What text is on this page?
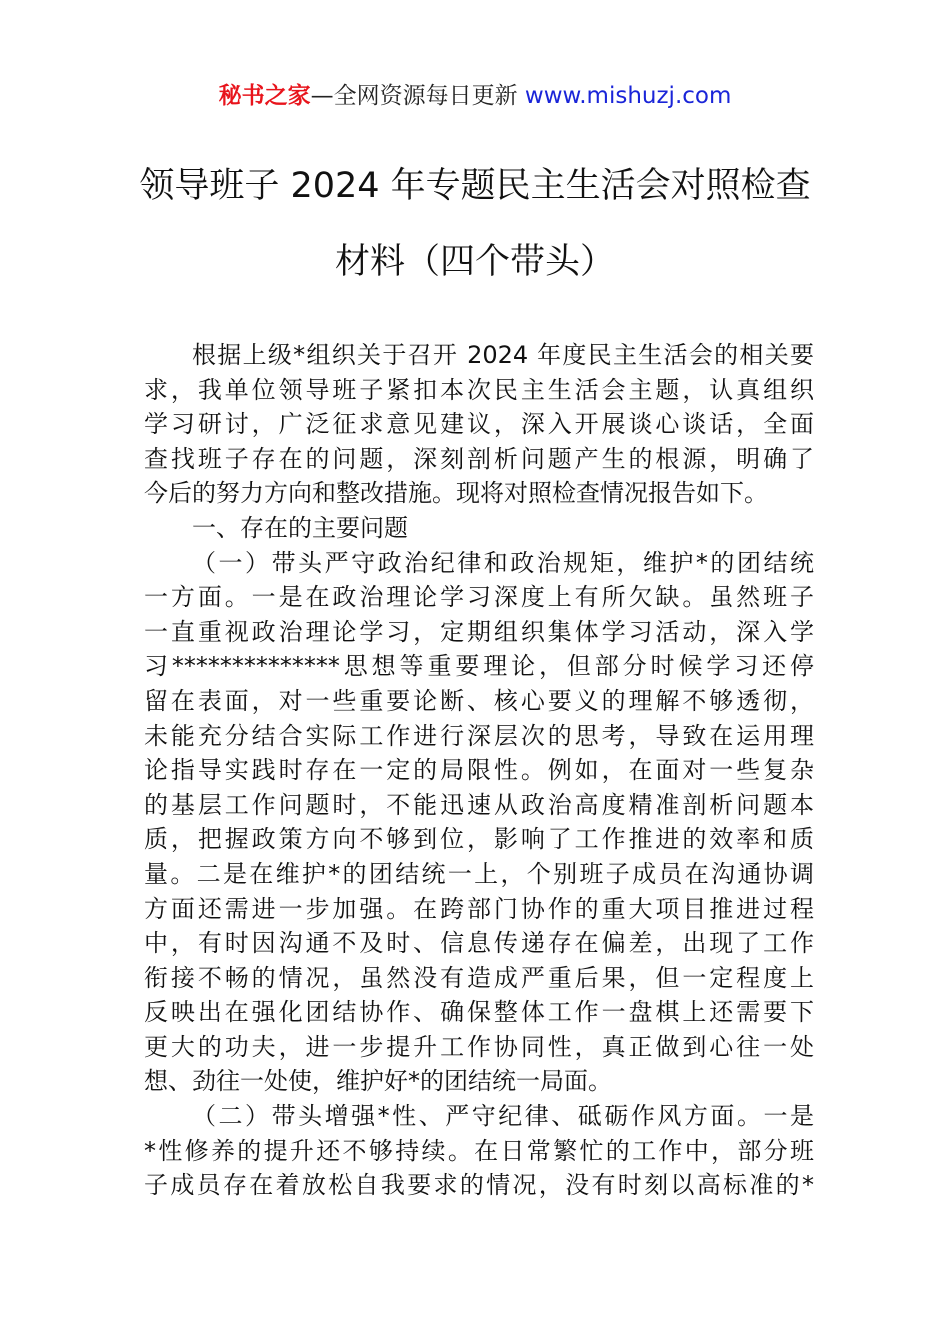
秘书之家—全网资源每日更新 www.mishuzj.com
领导班子 2024 年专题民主生活会对照检查
材料（四个带头）
根据上级*组织关于召开 2024 年度民主生活会的相关要
求，我单位领导班子紧扣本次民主生活会主题，认真组织
学习研讨，广泛征求意见建议，深入开展谈心谈话，全面
查找班子存在的问题，深刻剖析问题产生的根源，明确了
今后的努力方向和整改措施。现将对照检查情况报告如下。
一、存在的主要问题
（一）带头严守政治纪律和政治规矩，维护*的团结统
一方面。一是在政治理论学习深度上有所欠缺。虽然班子
一直重视政治理论学习，定期组织集体学习活动，深入学
习**************思想等重要理论，但部分时候学习还停
留在表面，对一些重要论断、核心要义的理解不够透彻，
未能充分结合实际工作进行深层次的思考，导致在运用理
论指导实践时存在一定的局限性。例如，在面对一些复杂
的基层工作问题时，不能迅速从政治高度精准剖析问题本
质，把握政策方向不够到位，影响了工作推进的效率和质
量。二是在维护*的团结统一上，个别班子成员在沟通协调
方面还需进一步加强。在跨部门协作的重大项目推进过程
中，有时因沟通不及时、信息传递存在偏差，出现了工作
衔接不畅的情况，虽然没有造成严重后果，但一定程度上
反映出在强化团结协作、确保整体工作一盘棋上还需要下
更大的功夫，进一步提升工作协同性，真正做到心往一处
想、劲往一处使，维护好*的团结统一局面。
（二）带头增强*性、严守纪律、砥砺作风方面。一是
*性修养的提升还不够持续。在日常繁忙的工作中，部分班
子成员存在着放松自我要求的情况，没有时刻以高标准的*
